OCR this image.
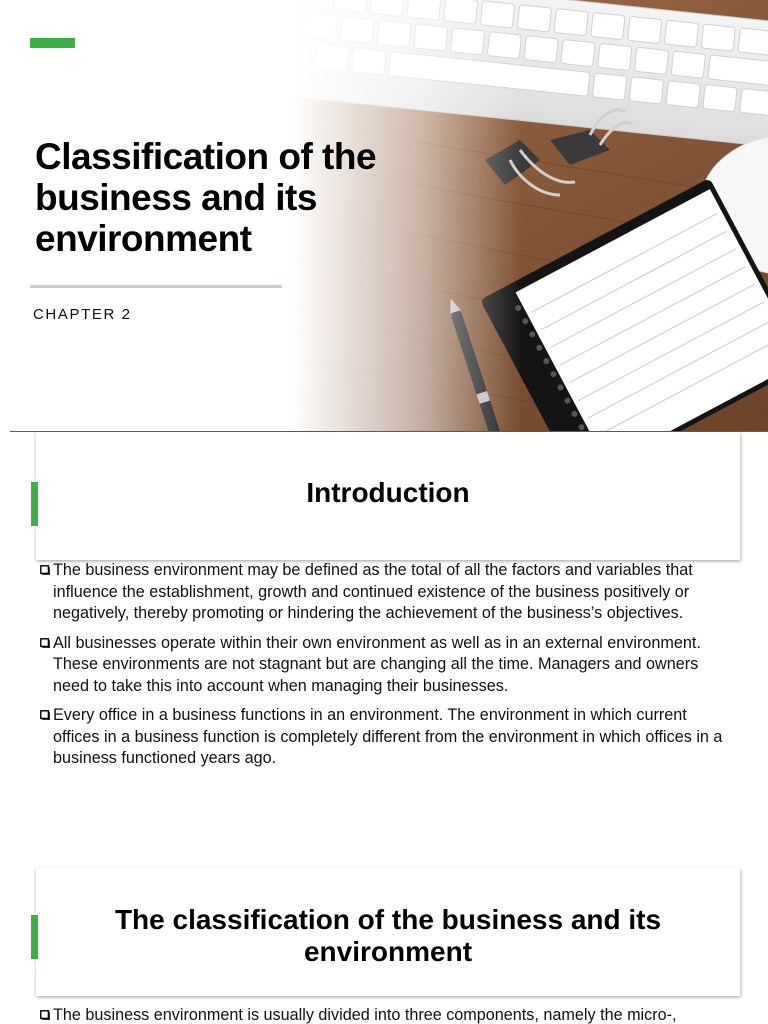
Classification of the business and its environment
CHAPTER 2
Introduction
The business environment may be defined as the total of all the factors and variables that influence the establishment, growth and continued existence of the business positively or negatively, thereby promoting or hindering the achievement of the business’s objectives.
All businesses operate within their own environment as well as in an external environment. These environments are not stagnant but are changing all the time. Managers and owners need to take this into account when managing their businesses.
Every office in a business functions in an environment. The environment in which current offices in a business function is completely different from the environment in which offices in a business functioned years ago.
The classification of the business and its environment
The business environment is usually divided into three components, namely the micro-,
